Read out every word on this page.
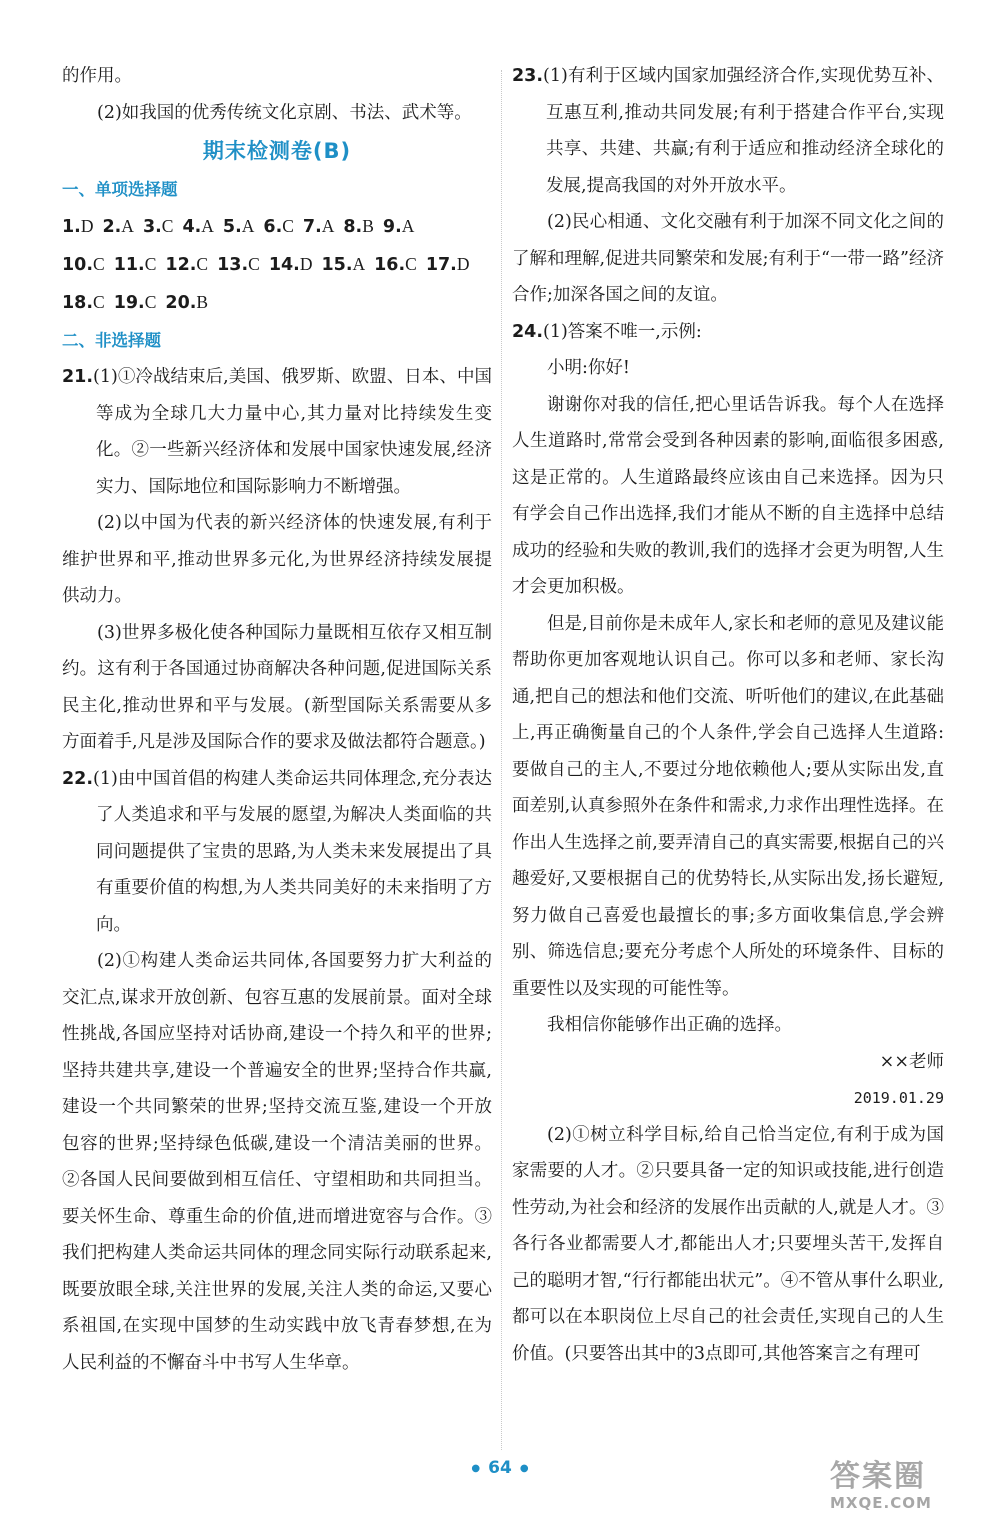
的作用。

(2)如我国的优秀传统文化京剧、书法、武术等。

期末检测卷(B)
一、单项选择题
1.D 2.A 3.C 4.A 5.A 6.C 7.A 8.B 9.A
10.C 11.C 12.C 13.C 14.D 15.A 16.C 17.D
18.C 19.C 20.B
二、非选择题

21.(1)①冷战结束后,美国、俄罗斯、欧盟、日本、中国等成为全球几大力量中心,其力量对比持续发生变化。②一些新兴经济体和发展中国家快速发展,经济实力、国际地位和国际影响力不断增强。

(2)以中国为代表的新兴经济体的快速发展,有利于维护世界和平,推动世界多元化,为世界经济持续发展提供动力。

(3)世界多极化使各种国际力量既相互依存又相互制约。这有利于各国通过协商解决各种问题,促进国际关系民主化,推动世界和平与发展。(新型国际关系需要从多方面着手,凡是涉及国际合作的要求及做法都符合题意。)

22.(1)由中国首倡的构建人类命运共同体理念,充分表达了人类追求和平与发展的愿望,为解决人类面临的共同问题提供了宝贵的思路,为人类未来发展提出了具有重要价值的构想,为人类共同美好的未来指明了方向。

(2)①构建人类命运共同体,各国要努力扩大利益的交汇点,谋求开放创新、包容互惠的发展前景。面对全球性挑战,各国应坚持对话协商,建设一个持久和平的世界;坚持共建共享,建设一个普遍安全的世界;坚持合作共赢,建设一个共同繁荣的世界;坚持交流互鉴,建设一个开放包容的世界;坚持绿色低碳,建设一个清洁美丽的世界。②各国人民间要做到相互信任、守望相助和共同担当。要关怀生命、尊重生命的价值,进而增进宽容与合作。③我们把构建人类命运共同体的理念同实际行动联系起来,既要放眼全球,关注世界的发展,关注人类的命运,又要心系祖国,在实现中国梦的生动实践中放飞青春梦想,在为人民利益的不懈奋斗中书写人生华章。

23.(1)有利于区域内国家加强经济合作,实现优势互补、互惠互利,推动共同发展;有利于搭建合作平台,实现共享、共建、共赢;有利于适应和推动经济全球化的发展,提高我国的对外开放水平。

(2)民心相通、文化交融有利于加深不同文化之间的了解和理解,促进共同繁荣和发展;有利于“一带一路”经济合作;加深各国之间的友谊。

24.(1)答案不唯一,示例:

小明:你好!

谢谢你对我的信任,把心里话告诉我。每个人在选择人生道路时,常常会受到各种因素的影响,面临很多困惑,这是正常的。人生道路最终应该由自己来选择。因为只有学会自己作出选择,我们才能从不断的自主选择中总结成功的经验和失败的教训,我们的选择才会更为明智,人生才会更加积极。

但是,目前你是未成年人,家长和老师的意见及建议能帮助你更加客观地认识自己。你可以多和老师、家长沟通,把自己的想法和他们交流、听听他们的建议,在此基础上,再正确衡量自己的个人条件,学会自己选择人生道路:要做自己的主人,不要过分地依赖他人;要从实际出发,直面差别,认真参照外在条件和需求,力求作出理性选择。在作出人生选择之前,要弄清自己的真实需要,根据自己的兴趣爱好,又要根据自己的优势特长,从实际出发,扬长避短,努力做自己喜爱也最擅长的事;多方面收集信息,学会辨别、筛选信息;要充分考虑个人所处的环境条件、目标的重要性以及实现的可能性等。

我相信你能够作出正确的选择。

××老师

2019.01.29

(2)①树立科学目标,给自己恰当定位,有利于成为国家需要的人才。②只要具备一定的知识或技能,进行创造性劳动,为社会和经济的发展作出贡献的人,就是人才。③各行各业都需要人才,都能出人才;只要埋头苦干,发挥自己的聪明才智,“行行都能出状元”。④不管从事什么职业,都可以在本职岗位上尽自己的社会责任,实现自己的人生价值。(只要答出其中的3点即可,其他答案言之有理可

● 64 ●	答案圈
MXQE.COM
